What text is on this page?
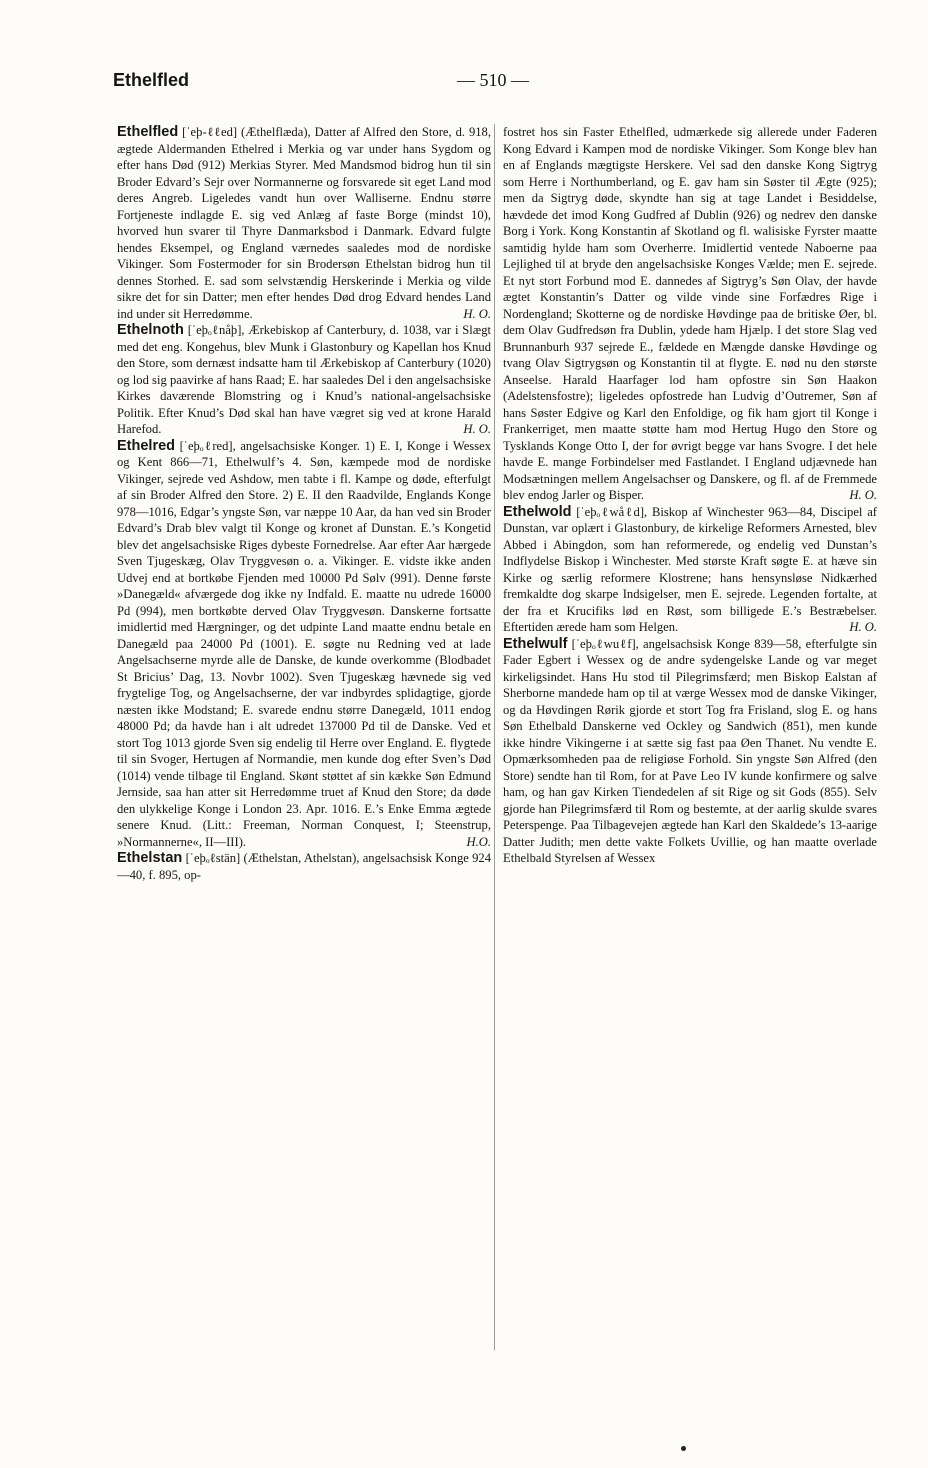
Ethelfled	— 510 —

Ethelfled [ˈeþ-ℓℓed] (Æthelflæda), Datter af Alfred den Store, d. 918, ægtede Aldermanden Ethelred i Merkia og var under hans Sygdom og efter hans Død (912) Merkias Styrer. Med Mandsmod bidrog hun til sin Broder Edvard’s Sejr over Normannerne og forsvarede sit eget Land mod deres Angreb. Ligeledes vandt hun over Walliserne. Endnu større Fortjeneste indlagde E. sig ved Anlæg af faste Borge (mindst 10), hvorved hun svarer til Thyre Danmarksbod i Danmark. Edvard fulgte hendes Eksempel, og England værnedes saaledes mod de nordiske Vikinger. Som Fostermoder for sin Brodersøn Ethelstan bidrog hun til dennes Storhed. E. sad som selvstændig Herskerinde i Merkia og vilde sikre det for sin Datter; men efter hendes Død drog Edvard hendes Land ind under sit Herredømme.	H. O.

Ethelnoth [ˈeþₒℓnåþ], Ærkebiskop af Canterbury, d. 1038, var i Slægt med det eng. Kongehus, blev Munk i Glastonbury og Kapellan hos Knud den Store, som dernæst indsatte ham til Ærkebiskop af Canterbury (1020) og lod sig paavirke af hans Raad; E. har saaledes Del i den angelsachsiske Kirkes daværende Blomstring og i Knud’s national-angelsachsiske Politik. Efter Knud’s Død skal han have vægret sig ved at krone Harald Harefod.	H. O.

Ethelred [ˈeþₒℓred], angelsachsiske Konger. 1) E. I, Konge i Wessex og Kent 866—71, Ethelwulf’s 4. Søn, kæmpede mod de nordiske Vikinger, sejrede ved Ashdow, men tabte i fl. Kampe og døde, efterfulgt af sin Broder Alfred den Store. 2) E. II den Raadvilde, Englands Konge 978—1016, Edgar’s yngste Søn, var næppe 10 Aar, da han ved sin Broder Edvard’s Drab blev valgt til Konge og kronet af Dunstan. E.’s Kongetid blev det angelsachsiske Riges dybeste Fornedrelse. Aar efter Aar hærgede Sven Tjugeskæg, Olav Tryggvesøn o. a. Vikinger. E. vidste ikke anden Udvej end at bortkøbe Fjenden med 10000 Pd Sølv (991). Denne første »Danegæld« afværgede dog ikke ny Indfald. E. maatte nu udrede 16000 Pd (994), men bortkøbte derved Olav Tryggvesøn. Danskerne fortsatte imidlertid med Hærgninger, og det udpinte Land maatte endnu betale en Danegæld paa 24000 Pd (1001). E. søgte nu Redning ved at lade Angelsachserne myrde alle de Danske, de kunde overkomme (Blodbadet St Bricius’ Dag, 13. Novbr 1002). Sven Tjugeskæg hævnede sig ved frygtelige Tog, og Angelsachserne, der var indbyrdes splidagtige, gjorde næsten ikke Modstand; E. svarede endnu større Danegæld, 1011 endog 48000 Pd; da havde han i alt udredet 137000 Pd til de Danske. Ved et stort Tog 1013 gjorde Sven sig endelig til Herre over England. E. flygtede til sin Svoger, Hertugen af Normandie, men kunde dog efter Sven’s Død (1014) vende tilbage til England. Skønt støttet af sin kække Søn Edmund Jernside, saa han atter sit Herredømme truet af Knud den Store; da døde den ulykkelige Konge i London 23. Apr. 1016. E.’s Enke Emma ægtede senere Knud. (Litt.: Freeman, Norman Conquest, I; Steenstrup, »Normannerne«, II—III).	H.O.

Ethelstan [ˈeþₒℓstän] (Æthelstan, Athelstan), angelsachsisk Konge 924—40, f. 895, op-

fostret hos sin Faster Ethelfled, udmærkede sig allerede under Faderen Kong Edvard i Kampen mod de nordiske Vikinger. Som Konge blev han en af Englands mægtigste Herskere. Vel sad den danske Kong Sigtryg som Herre i Northumberland, og E. gav ham sin Søster til Ægte (925); men da Sigtryg døde, skyndte han sig at tage Landet i Besiddelse, hævdede det imod Kong Gudfred af Dublin (926) og nedrev den danske Borg i York. Kong Konstantin af Skotland og fl. walisiske Fyrster maatte samtidig hylde ham som Overherre. Imidlertid ventede Naboerne paa Lejlighed til at bryde den angelsachsiske Konges Vælde; men E. sejrede. Et nyt stort Forbund mod E. dannedes af Sigtryg’s Søn Olav, der havde ægtet Konstantin’s Datter og vilde vinde sine Forfædres Rige i Nordengland; Skotterne og de nordiske Høvdinge paa de britiske Øer, bl. dem Olav Gudfredsøn fra Dublin, ydede ham Hjælp. I det store Slag ved Brunnanburh 937 sejrede E., fældede en Mængde danske Høvdinge og tvang Olav Sigtrygsøn og Konstantin til at flygte. E. nød nu den største Anseelse. Harald Haarfager lod ham opfostre sin Søn Haakon (Adelstensfostre); ligeledes opfostrede han Ludvig d’Outremer, Søn af hans Søster Edgive og Karl den Enfoldige, og fik ham gjort til Konge i Frankerriget, men maatte støtte ham mod Hertug Hugo den Store og Tysklands Konge Otto I, der for øvrigt begge var hans Svogre. I det hele havde E. mange Forbindelser med Fastlandet. I England udjævnede han Modsætningen mellem Angelsachser og Danskere, og fl. af de Fremmede blev endog Jarler og Bisper.	H. O.

Ethelwold [ˈeþₒℓwåℓd], Biskop af Winchester 963—84, Discipel af Dunstan, var oplært i Glastonbury, de kirkelige Reformers Arnested, blev Abbed i Abingdon, som han reformerede, og endelig ved Dunstan’s Indflydelse Biskop i Winchester. Med største Kraft søgte E. at hæve sin Kirke og særlig reformere Klostrene; hans hensynsløse Nidkærhed fremkaldte dog skarpe Indsigelser, men E. sejrede. Legenden fortalte, at der fra et Krucifiks lød en Røst, som billigede E.’s Bestræbelser. Eftertiden ærede ham som Helgen.	H. O.

Ethelwulf [ˈeþₒℓwuℓf], angelsachsisk Konge 839—58, efterfulgte sin Fader Egbert i Wessex og de andre sydengelske Lande og var meget kirkeligsindet. Hans Hu stod til Pilegrimsfærd; men Biskop Ealstan af Sherborne mandede ham op til at værge Wessex mod de danske Vikinger, og da Høvdingen Rørik gjorde et stort Tog fra Frisland, slog E. og hans Søn Ethelbald Danskerne ved Ockley og Sandwich (851), men kunde ikke hindre Vikingerne i at sætte sig fast paa Øen Thanet. Nu vendte E. Opmærksomheden paa de religiøse Forhold. Sin yngste Søn Alfred (den Store) sendte han til Rom, for at Pave Leo IV kunde konfirmere og salve ham, og han gav Kirken Tiendedelen af sit Rige og sit Gods (855). Selv gjorde han Pilegrimsfærd til Rom og bestemte, at der aarlig skulde svares Peterspenge. Paa Tilbagevejen ægtede han Karl den Skaldede’s 13-aarige Datter Judith; men dette vakte Folkets Uvillie, og han maatte overlade Ethelbald Styrelsen af Wessex
